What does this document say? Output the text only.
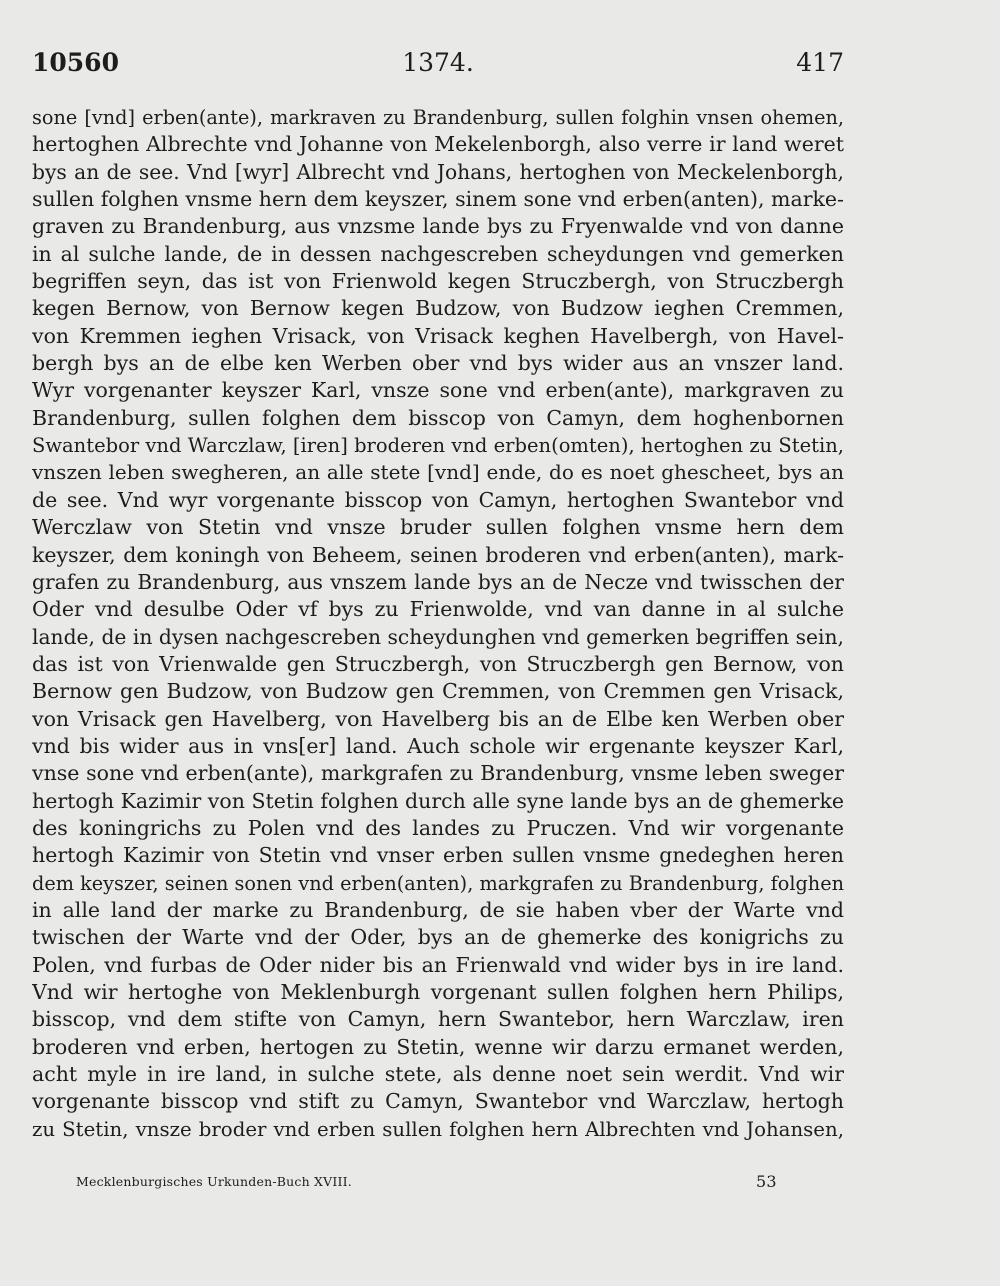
10560	1374.	417
sone [vnd] erben(ante), markraven zu Brandenburg, sullen folghin vnsen ohemen,
hertoghen Albrechte vnd Johanne von Mekelenborgh, also verre ir land weret
bys an de see. Vnd [wyr] Albrecht vnd Johans, hertoghen von Meckelenborgh,
sullen folghen vnsme hern dem keyszer, sinem sone vnd erben(anten), marke-
graven zu Brandenburg, aus vnzsme lande bys zu Fryenwalde vnd von danne
in al sulche lande, de in dessen nachgescreben scheydungen vnd gemerken
begriffen seyn, das ist von Frienwold kegen Struczbergh, von Struczbergh
kegen Bernow, von Bernow kegen Budzow, von Budzow ieghen Cremmen,
von Kremmen ieghen Vrisack, von Vrisack keghen Havelbergh, von Havel-
bergh bys an de elbe ken Werben ober vnd bys wider aus an vnszer land.
Wyr vorgenanter keyszer Karl, vnsze sone vnd erben(ante), markgraven zu
Brandenburg, sullen folghen dem bisscop von Camyn, dem hoghenbornen
Swantebor vnd Warczlaw, [iren] broderen vnd erben(omten), hertoghen zu Stetin,
vnszen leben swegheren, an alle stete [vnd] ende, do es noet ghescheet, bys an
de see. Vnd wyr vorgenante bisscop von Camyn, hertoghen Swantebor vnd
Werczlaw von Stetin vnd vnsze bruder sullen folghen vnsme hern dem
keyszer, dem koningh von Beheem, seinen broderen vnd erben(anten), mark-
grafen zu Brandenburg, aus vnszem lande bys an de Necze vnd twisschen der
Oder vnd desulbe Oder vf bys zu Frienwolde, vnd van danne in al sulche
lande, de in dysen nachgescreben scheydunghen vnd gemerken begriffen sein,
das ist von Vrienwalde gen Struczbergh, von Struczbergh gen Bernow, von
Bernow gen Budzow, von Budzow gen Cremmen, von Cremmen gen Vrisack,
von Vrisack gen Havelberg, von Havelberg bis an de Elbe ken Werben ober
vnd bis wider aus in vns[er] land. Auch schole wir ergenante keyszer Karl,
vnse sone vnd erben(ante), markgrafen zu Brandenburg, vnsme leben sweger
hertogh Kazimir von Stetin folghen durch alle syne lande bys an de ghemerke
des koningrichs zu Polen vnd des landes zu Pruczen. Vnd wir vorgenante
hertogh Kazimir von Stetin vnd vnser erben sullen vnsme gnedeghen heren
dem keyszer, seinen sonen vnd erben(anten), markgrafen zu Brandenburg, folghen
in alle land der marke zu Brandenburg, de sie haben vber der Warte vnd
twischen der Warte vnd der Oder, bys an de ghemerke des konigrichs zu
Polen, vnd furbas de Oder nider bis an Frienwald vnd wider bys in ire land.
Vnd wir hertoghe von Meklenburgh vorgenant sullen folghen hern Philips,
bisscop, vnd dem stifte von Camyn, hern Swantebor, hern Warczlaw, iren
broderen vnd erben, hertogen zu Stetin, wenne wir darzu ermanet werden,
acht myle in ire land, in sulche stete, als denne noet sein werdit. Vnd wir
vorgenante bisscop vnd stift zu Camyn, Swantebor vnd Warczlaw, hertogh
zu Stetin, vnsze broder vnd erben sullen folghen hern Albrechten vnd Johansen,
Mecklenburgisches Urkunden-Buch XVIII.	53
